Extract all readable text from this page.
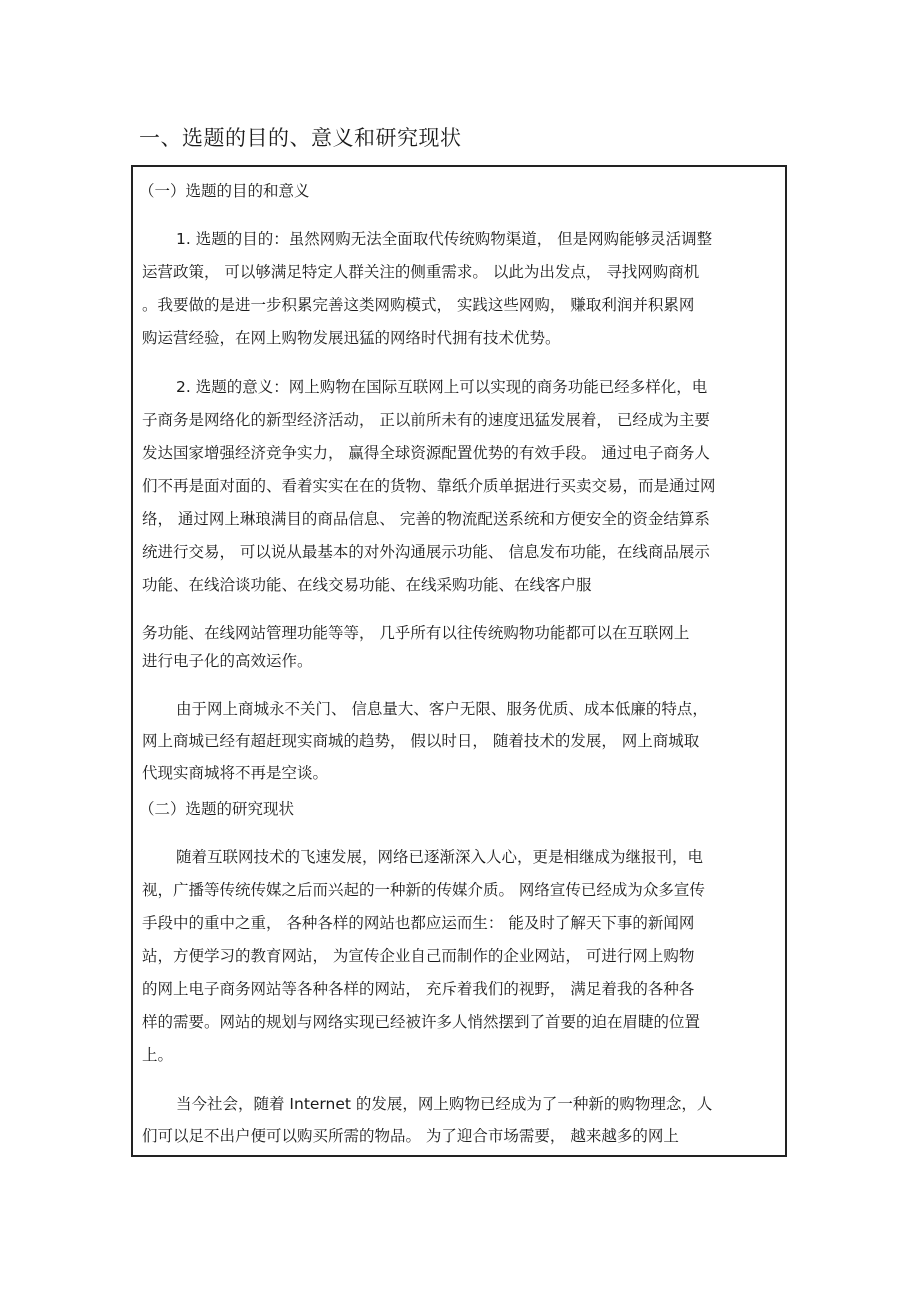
一、选题的目的、意义和研究现状

（一）选题的目的和意义

1. 选题的目的：虽然网购无法全面取代传统购物渠道， 但是网购能够灵活调整

运营政策， 可以够满足特定人群关注的侧重需求。 以此为出发点， 寻找网购商机

。我要做的是进一步积累完善这类网购模式， 实践这些网购， 赚取利润并积累网

购运营经验，在网上购物发展迅猛的网络时代拥有技术优势。

2. 选题的意义：网上购物在国际互联网上可以实现的商务功能已经多样化，电

子商务是网络化的新型经济活动， 正以前所未有的速度迅猛发展着， 已经成为主要

发达国家增强经济竞争实力， 赢得全球资源配置优势的有效手段。 通过电子商务人

们不再是面对面的、看着实实在在的货物、靠纸介质单据进行买卖交易，而是通过网

络， 通过网上琳琅满目的商品信息、 完善的物流配送系统和方便安全的资金结算系

统进行交易， 可以说从最基本的对外沟通展示功能、 信息发布功能，在线商品展示

功能、在线洽谈功能、在线交易功能、在线采购功能、在线客户服

务功能、在线网站管理功能等等， 几乎所有以往传统购物功能都可以在互联网上

进行电子化的高效运作。

由于网上商城永不关门、 信息量大、客户无限、服务优质、成本低廉的特点，

网上商城已经有超赶现实商城的趋势， 假以时日， 随着技术的发展， 网上商城取

代现实商城将不再是空谈。

（二）选题的研究现状

随着互联网技术的飞速发展，网络已逐渐深入人心，更是相继成为继报刊，电

视，广播等传统传媒之后而兴起的一种新的传媒介质。 网络宣传已经成为众多宣传

手段中的重中之重， 各种各样的网站也都应运而生： 能及时了解天下事的新闻网

站，方便学习的教育网站， 为宣传企业自己而制作的企业网站， 可进行网上购物

的网上电子商务网站等各种各样的网站， 充斥着我们的视野， 满足着我的各种各

样的需要。网站的规划与网络实现已经被许多人悄然摆到了首要的迫在眉睫的位置

上。

当今社会，随着 Internet 的发展，网上购物已经成为了一种新的购物理念，人

们可以足不出户便可以购买所需的物品。 为了迎合市场需要， 越来越多的网上
